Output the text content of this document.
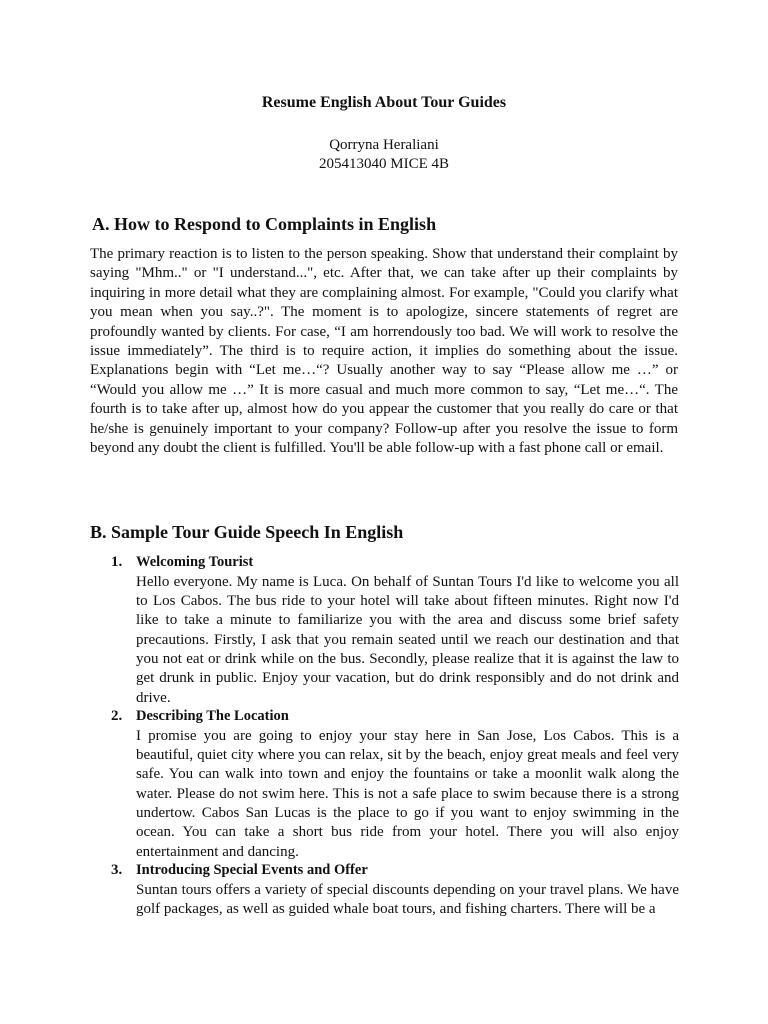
Resume English About Tour Guides
Qorryna Heraliani
205413040 MICE 4B
A. How to Respond to Complaints in English
The primary reaction is to listen to the person speaking. Show that understand their complaint by saying "Mhm.." or "I understand...", etc. After that, we can take after up their complaints by inquiring in more detail what they are complaining almost. For example, "Could you clarify what you mean when you say..?". The moment is to apologize, sincere statements of regret are profoundly wanted by clients. For case, “I am horrendously too bad. We will work to resolve the issue immediately”. The third is to require action, it implies do something about the issue. Explanations begin with “Let me…“? Usually another way to say “Please allow me …” or “Would you allow me …” It is more casual and much more common to say, “Let me…“. The fourth is to take after up, almost how do you appear the customer that you really do care or that he/she is genuinely important to your company? Follow-up after you resolve the issue to form beyond any doubt the client is fulfilled. You'll be able follow-up with a fast phone call or email.
B. Sample Tour Guide Speech In English
1. Welcoming Tourist
Hello everyone. My name is Luca. On behalf of Suntan Tours I'd like to welcome you all to Los Cabos. The bus ride to your hotel will take about fifteen minutes. Right now I'd like to take a minute to familiarize you with the area and discuss some brief safety precautions. Firstly, I ask that you remain seated until we reach our destination and that you not eat or drink while on the bus. Secondly, please realize that it is against the law to get drunk in public. Enjoy your vacation, but do drink responsibly and do not drink and drive.
2. Describing The Location
I promise you are going to enjoy your stay here in San Jose, Los Cabos. This is a beautiful, quiet city where you can relax, sit by the beach, enjoy great meals and feel very safe. You can walk into town and enjoy the fountains or take a moonlit walk along the water. Please do not swim here. This is not a safe place to swim because there is a strong undertow. Cabos San Lucas is the place to go if you want to enjoy swimming in the ocean. You can take a short bus ride from your hotel. There you will also enjoy entertainment and dancing.
3. Introducing Special Events and Offer
Suntan tours offers a variety of special discounts depending on your travel plans. We have golf packages, as well as guided whale boat tours, and fishing charters. There will be a
